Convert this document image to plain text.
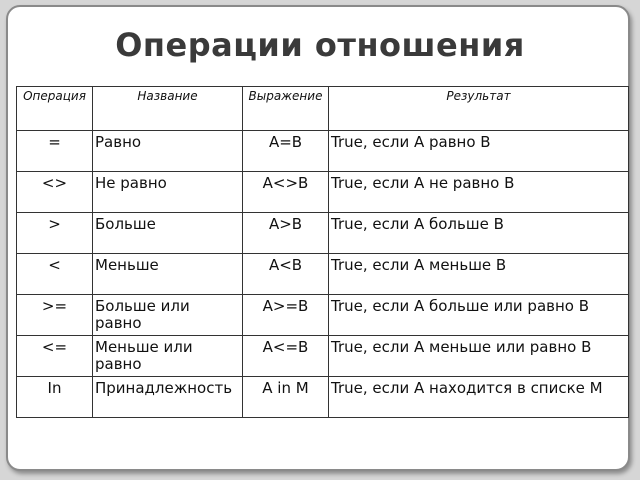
Операции отношения
Операция	Название	Выражение	Результат
=	Равно	A=B	True, если A равно B
<>	Не равно	A<>B	True, если A не равно B
>	Больше	A>B	True, если A больше B
<	Меньше	A<B	True, если A меньше B
>=	Больше или равно	A>=B	True, если A больше или равно B
<=	Меньше или равно	A<=B	True, если A меньше или равно B
In	Принадлежность	A in M	True, если A находится в списке M
